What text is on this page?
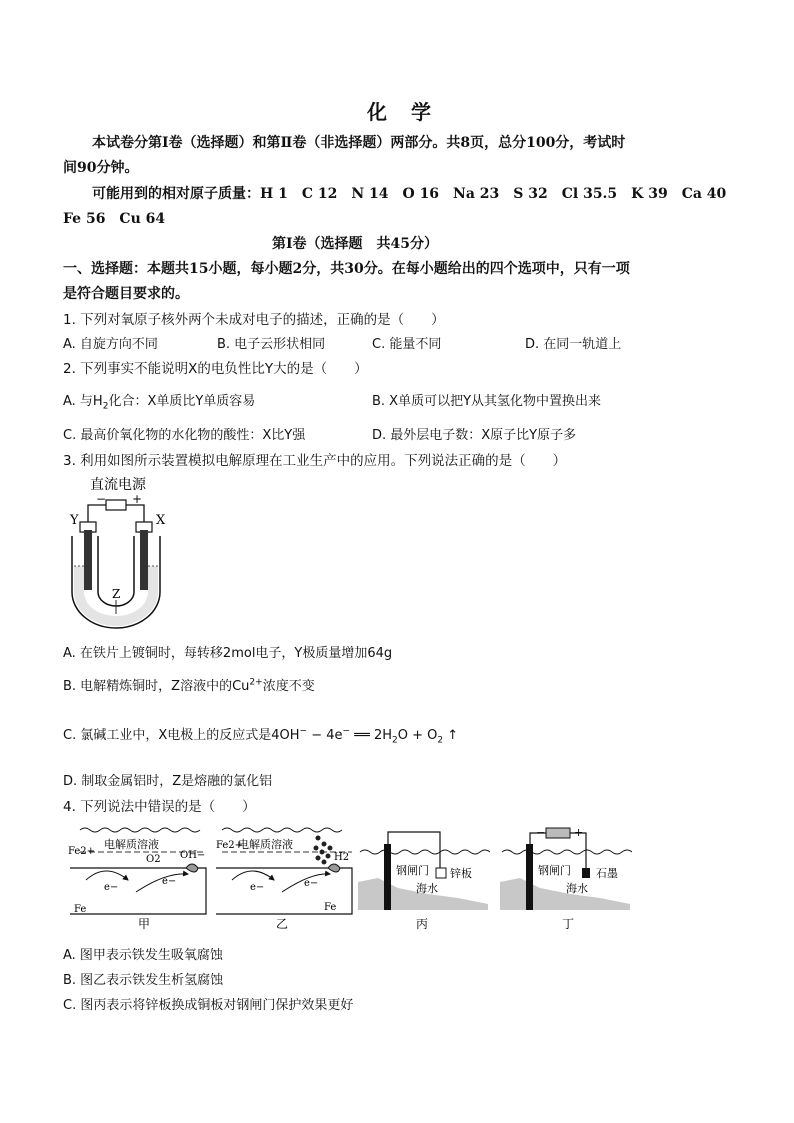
化　学
本试卷分第Ⅰ卷（选择题）和第Ⅱ卷（非选择题）两部分。共8页，总分100分，考试时
间90分钟。
可能用到的相对原子质量：H 1　C 12　N 14　O 16　Na 23　S 32　Cl 35.5　K 39　Ca 40
Fe 56　Cu 64
第Ⅰ卷（选择题　共45分）
一、选择题：本题共15小题，每小题2分，共30分。在每小题给出的四个选项中，只有一项
是符合题目要求的。
1. 下列对氧原子核外两个未成对电子的描述，正确的是（　　）
A. 自旋方向不同	B. 电子云形状相同	C. 能量不同	D. 在同一轨道上
2. 下列事实不能说明X的电负性比Y大的是（　　）
A. 与$H_2$化合：X单质比Y单质容易	B. X单质可以把Y从其氢化物中置换出来
C. 最高价氧化物的水化物的酸性：X比Y强	D. 最外层电子数：X原子比Y原子多
3. 利用如图所示装置模拟电解原理在工业生产中的应用。下列说法正确的是（　　）
直流电源
− +
Y	X
Z
A. 在铁片上镀铜时，每转移2mol电子，Y极质量增加64g
B. 电解精炼铜时，Z溶液中的$Cu^{2+}$浓度不变
C. 氯碱工业中，X电极上的反应式是4OH− − 4e− ══ $2H_2O + O_2$ ↑
D. 制取金属铝时，Z是熔融的氯化铝
4. 下列说法中错误的是（　　）
电解质溶液
Fe2+
O2 OH−
e−
e−
Fe
甲
电解质溶液
Fe2+
H2
e−	e−
Fe
乙
钢闸门 锌板
海水
丙
−	+
钢闸门 石墨
海水
丁
A. 图甲表示铁发生吸氧腐蚀
B. 图乙表示铁发生析氢腐蚀
C. 图丙表示将锌板换成铜板对钢闸门保护效果更好
